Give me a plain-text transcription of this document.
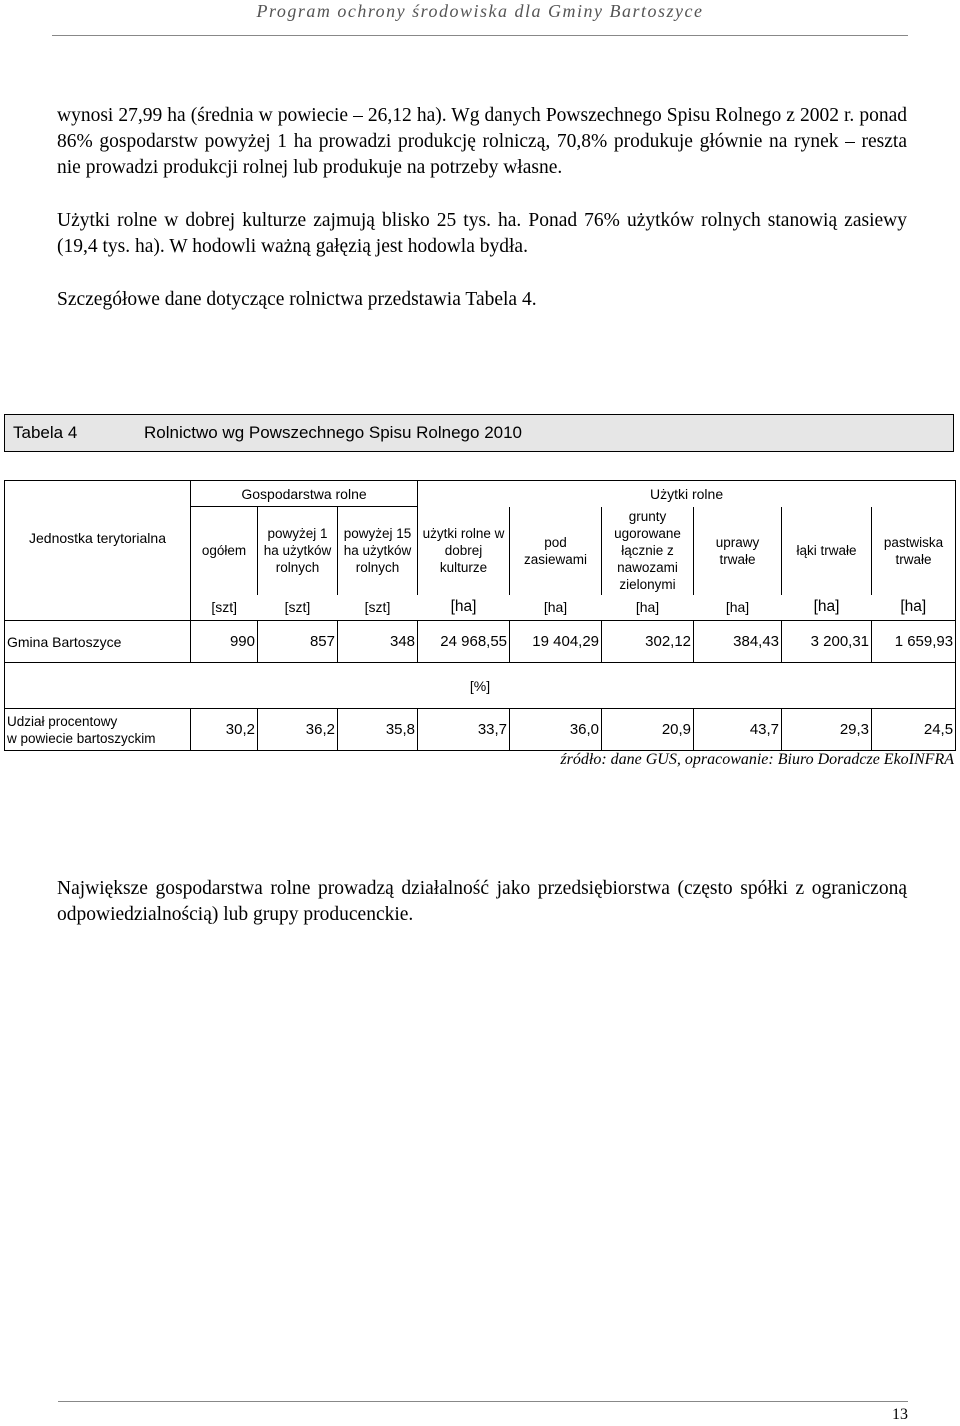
Program ochrony środowiska dla Gminy Bartoszyce

wynosi 27,99 ha (średnia w powiecie – 26,12 ha). Wg danych Powszechnego Spisu Rolnego z 2002 r. ponad 86% gospodarstw powyżej 1 ha prowadzi produkcję rolniczą, 70,8% produkuje głównie na rynek – reszta nie prowadzi produkcji rolnej lub produkuje na potrzeby własne.

Użytki rolne w dobrej kulturze zajmują blisko 25 tys. ha. Ponad 76% użytków rolnych stanowią zasiewy (19,4 tys. ha). W hodowli ważną gałęzią jest hodowla bydła.

Szczegółowe dane dotyczące rolnictwa przedstawia Tabela 4.

Tabela 4	Rolnictwo wg Powszechnego Spisu Rolnego 2010
Jednostka terytorialna	Gospodarstwa rolne			Użytki rolne					
	ogółem	powyżej 1 ha użytków rolnych	powyżej 15 ha użytków rolnych	użytki rolne w dobrej kulturze	pod zasiewami	grunty ugorowane łącznie z nawozami zielonymi	uprawy trwałe	łąki trwałe	pastwiska trwałe
	[szt]	[szt]	[szt]	[ha]	[ha]	[ha]	[ha]	[ha]	[ha]
Gmina Bartoszyce	990	857	348	24 968,55	19 404,29	302,12	384,43	3 200,31	1 659,93
[%]									

Udział procentowy
w powiecie bartoszyckim	30,2	36,2	35,8	33,7	36,0	20,9	43,7	29,3	24,5
źródło: dane GUS, opracowanie: Biuro Doradcze EkoINFRA

Największe gospodarstwa rolne prowadzą działalność jako przedsiębiorstwa (często spółki z ograniczoną odpowiedzialnością) lub grupy producenckie.

13
